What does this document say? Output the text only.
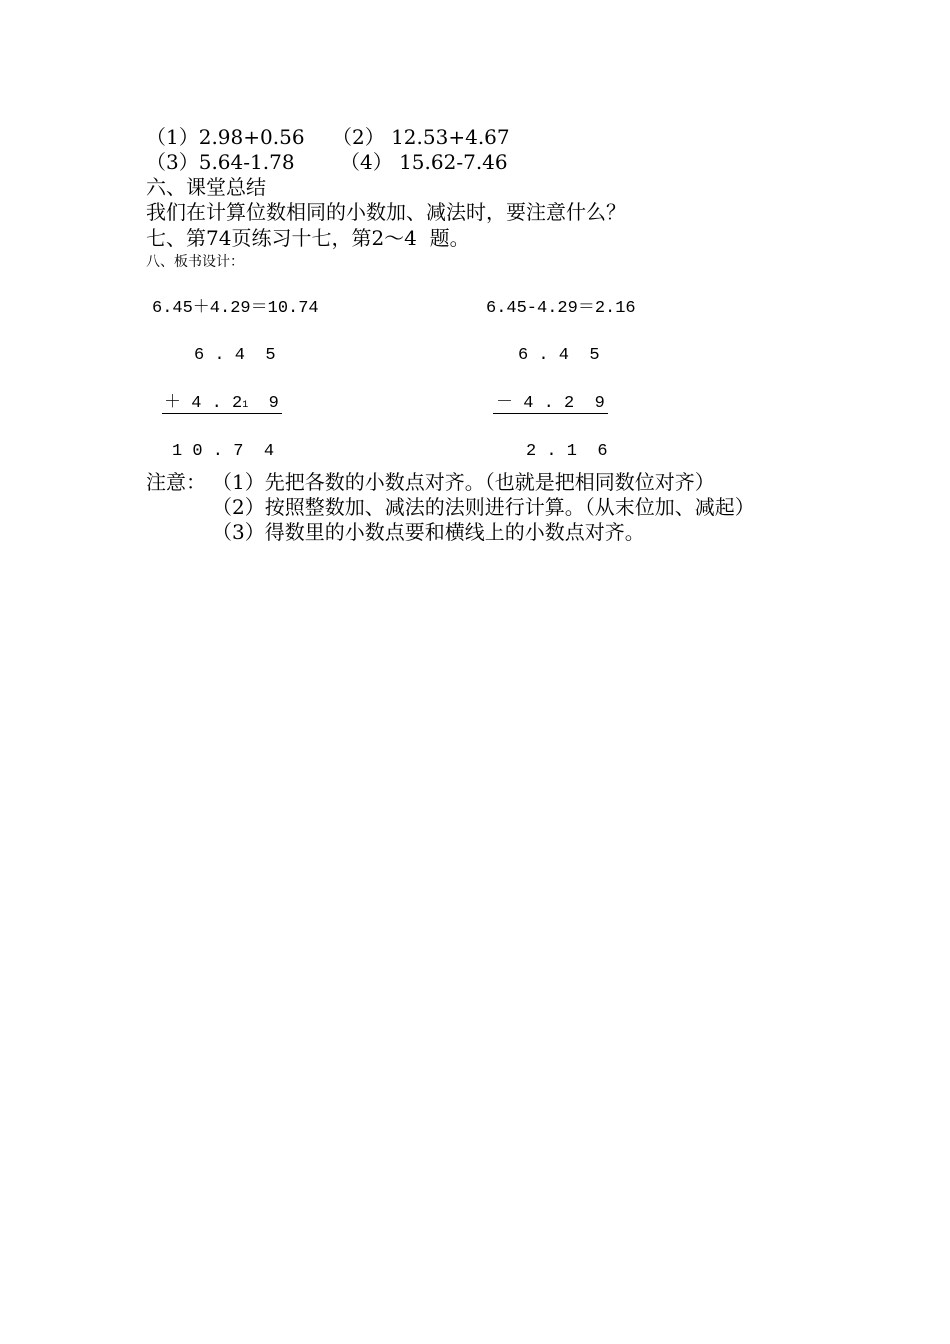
（1）2.98+0.56 （2） 12.53+4.67
（3）5.64-1.78 （4） 15.62-7.46
六、课堂总结
我们在计算位数相同的小数加、减法时，要注意什么？
七、第74页练习十七，第2～4  题。
八、板书设计：
6.45＋4.29＝10.74
6 . 4  5
＋ 4 . 21  9
1 0 . 7  4
6.45-4.29＝2.16
6 . 4  5
－ 4 . 2  9
2 . 1  6
注意： （1）先把各数的小数点对齐。（也就是把相同数位对齐）
（2）按照整数加、减法的法则进行计算。（从末位加、减起）
（3）得数里的小数点要和横线上的小数点对齐。
